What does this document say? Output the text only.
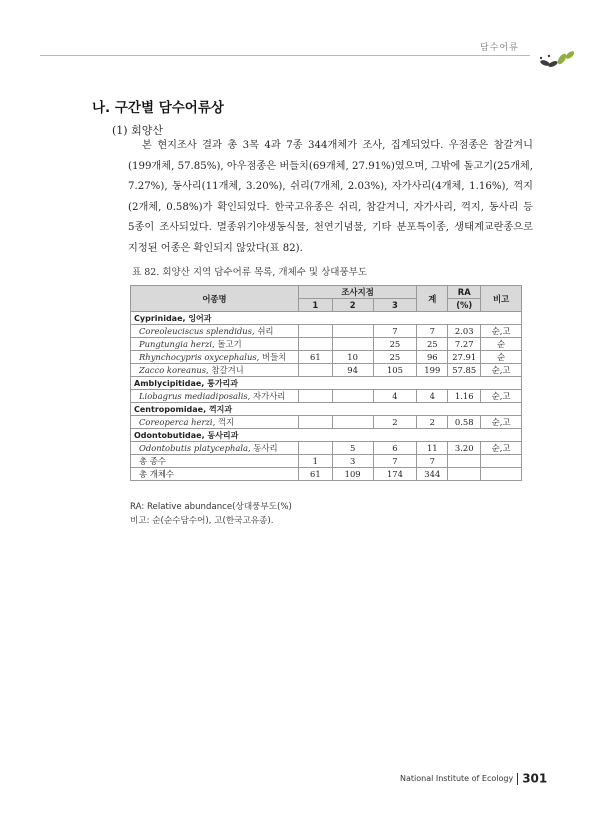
담수어류
나. 구간별 담수어류상
(1) 회양산
본 현지조사 결과 총 3목 4과 7종 344개체가 조사, 집계되었다. 우점종은 참갈겨니(199개체, 57.85%), 아우점종은 버들치(69개체, 27.91%)였으며, 그밖에 돌고기(25개체, 7.27%), 동사리(11개체, 3.20%), 쉬리(7개체, 2.03%), 자가사리(4개체, 1.16%), 꺽지(2개체, 0.58%)가 확인되었다. 한국고유종은 쉬리, 참갈겨니, 자가사리, 꺽지, 동사리 등 5종이 조사되었다. 멸종위기야생동식물, 천연기념물, 기타 분포특이종, 생태계교란종으로 지정된 어종은 확인되지 않았다(표 82).
표 82. 회양산 지역 담수어류 목록, 개체수 및 상대풍부도
어종명	조사지점			계	RA	비고
	1	2	3		(%)	
Cyprinidae, 잉어과						
Coreoleuciscus splendidus, 쉬리			7	7	2.03	순,고
Pungtungia herzi, 돌고기			25	25	7.27	순
Rhynchocypris oxycephalus, 버들치	61	10	25	96	27.91	순
Zacco koreanus, 참갈겨니		94	105	199	57.85	순,고
Amblycipitidae, 퉁가리과						
Liobagrus mediadiposalis, 자가사리			4	4	1.16	순,고
Centropomidae, 꺽지과						
Coreoperca herzi, 꺽지			2	2	0.58	순,고
Odontobutidae, 동사리과						
Odontobutis platycephala, 동사리		5	6	11	3.20	순,고
총 종수	1	3	7	7		
총 개체수	61	109	174	344		
RA: Relative abundance(상대풍부도(%)
비고: 순(순수담수어), 고(한국고유종).
National Institute of Ecology 301
